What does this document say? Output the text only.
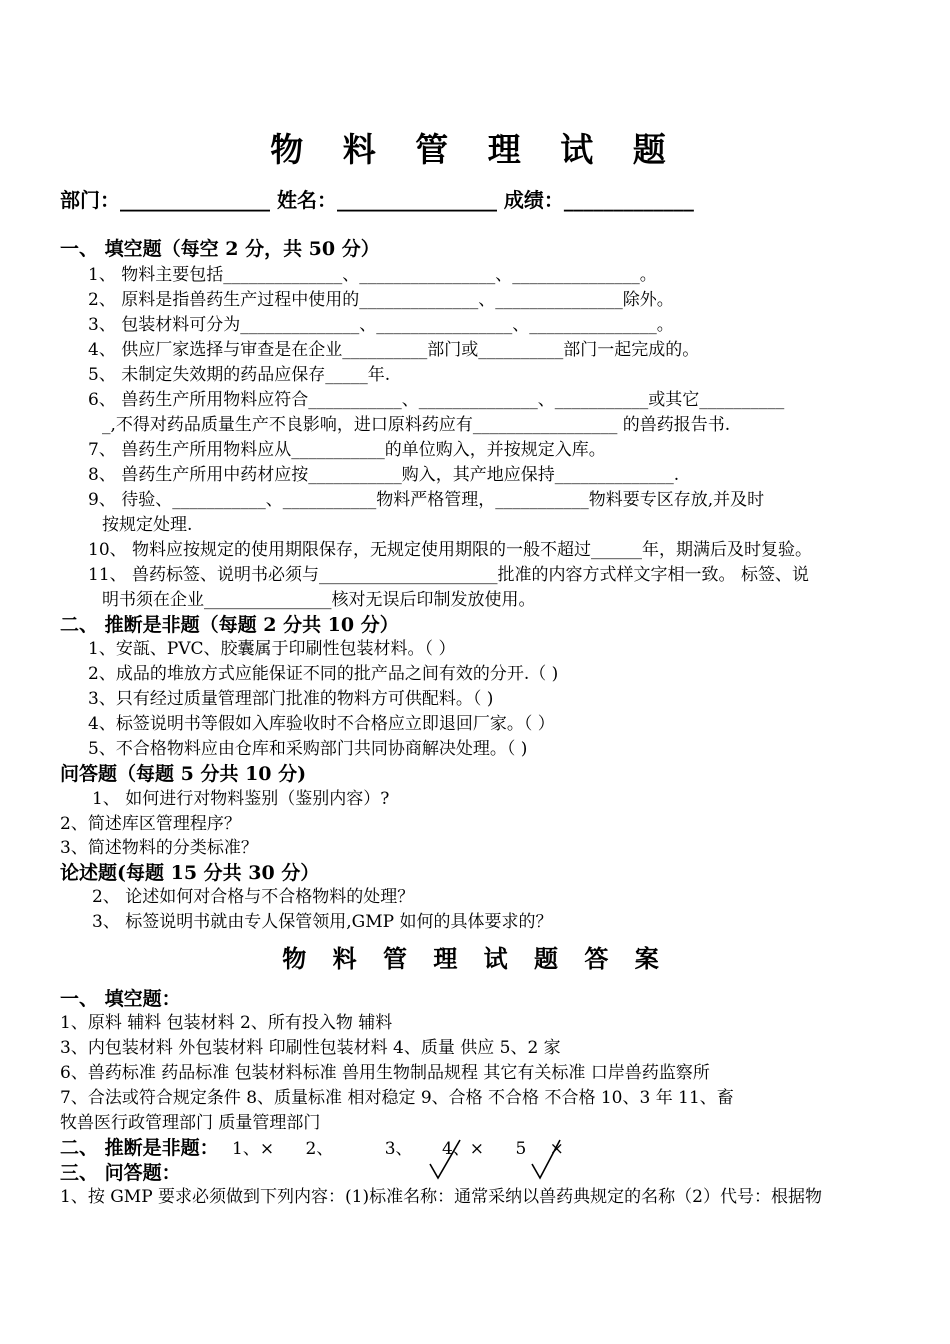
物 料 管 理 试 题
部门：_______________ 姓名：________________ 成绩：_____________
一、 填空题（每空 2 分，共 50 分）
1、 物料主要包括______________、________________、_______________。
2、 原料是指兽药生产过程中使用的______________、_______________除外。
3、 包装材料可分为______________、________________、_______________。
4、 供应厂家选择与审查是在企业__________部门或__________部门一起完成的。
5、 未制定失效期的药品应保存_____年.
6、 兽药生产所用物料应符合___________、______________、___________或其它__________
_,不得对药品质量生产不良影响，进口原料药应有_________________ 的兽药报告书.
7、 兽药生产所用物料应从___________的单位购入，并按规定入库。
8、 兽药生产所用中药材应按___________购入，其产地应保持______________.
9、 待验、___________、___________物料严格管理，___________物料要专区存放,并及时
按规定处理.
10、 物料应按规定的使用期限保存，无规定使用期限的一般不超过______年，期满后及时复验。
11、 兽药标签、说明书必须与_____________________批准的内容方式样文字相一致。 标签、说
明书须在企业_______________核对无误后印制发放使用。
二、 推断是非题（每题 2 分共 10 分）
1、安瓿、PVC、胶囊属于印刷性包装材料。（ ）
2、成品的堆放方式应能保证不同的批产品之间有效的分开.（ )
3、只有经过质量管理部门批准的物料方可供配料。（ )
4、标签说明书等假如入库验收时不合格应立即退回厂家。（ ）
5、不合格物料应由仓库和采购部门共同协商解决处理。（ )
问答题（每题 5 分共 10 分)
1、 如何进行对物料鉴别（鉴别内容）?
2、简述库区管理程序？
3、简述物料的分类标准？
论述题(每题 15 分共 30 分）
2、 论述如何对合格与不合格物料的处理？
3、 标签说明书就由专人保管领用,GMP 如何的具体要求的？
物 料 管 理 试 题 答 案
一、 填空题：
1、原料 辅料 包装材料 2、所有投入物 辅料
3、内包装材料 外包装材料 印刷性包装材料 4、质量 供应 5、2 家
6、兽药标准 药品标准 包装材料标准 兽用生物制品规程 其它有关标准 口岸兽药监察所
7、合法或符合规定条件 8、质量标准 相对稳定 9、合格 不合格 不合格 10、3 年 11、畜
牧兽医行政管理部门 质量管理部门
二、 推断是非题： 1、× 2、	3、 4、× 5 ×
三、 问答题：
1、按 GMP 要求必须做到下列内容：(1)标准名称：通常采纳以兽药典规定的名称（2）代号：根据物
